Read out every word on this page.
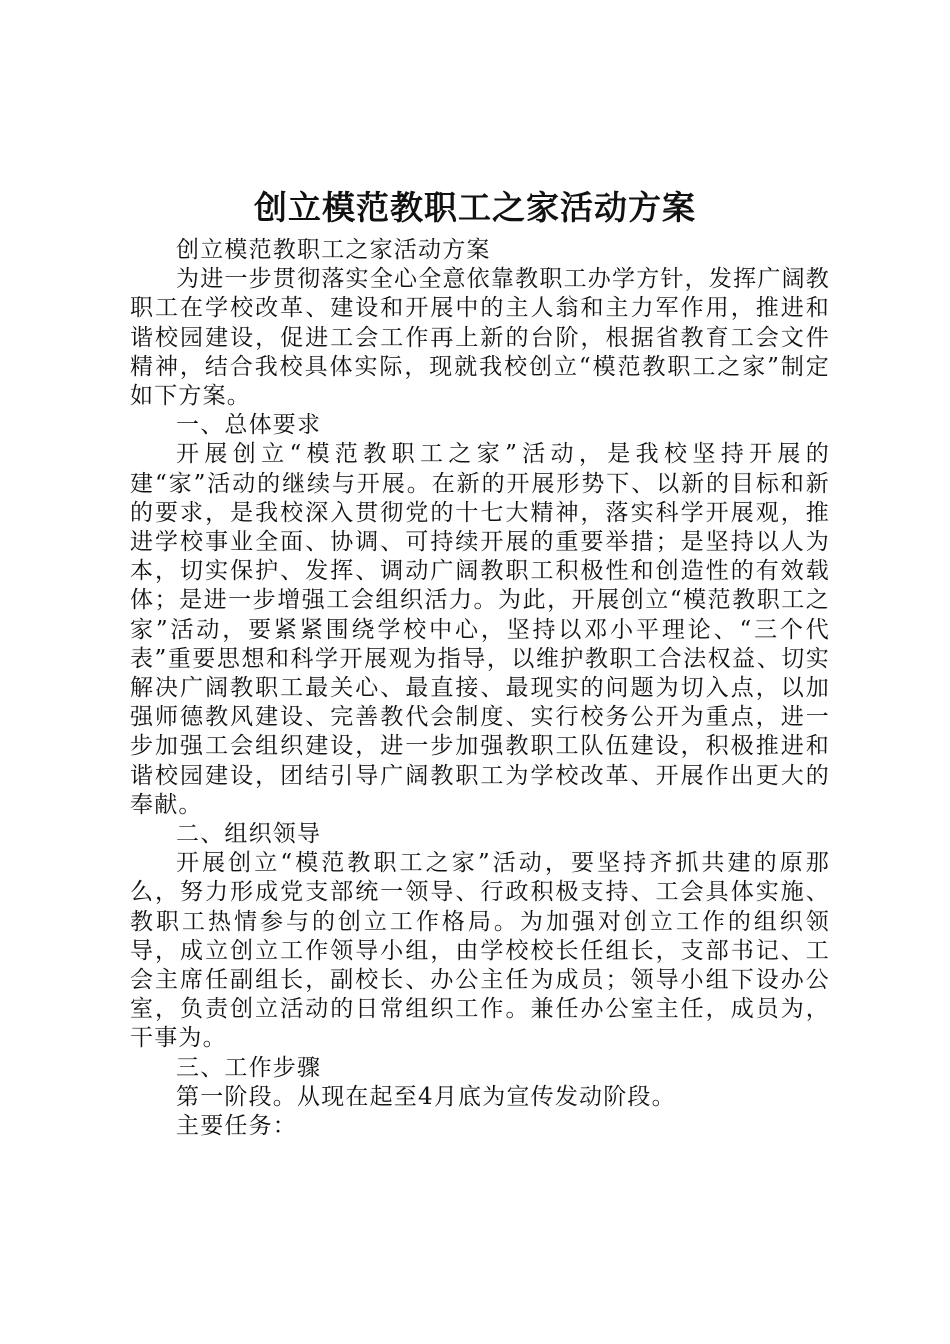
创立模范教职工之家活动方案

创立模范教职工之家活动方案

为进一步贯彻落实全心全意依靠教职工办学方针，发挥广阔教职工在学校改革、建设和开展中的主人翁和主力军作用，推进和谐校园建设，促进工会工作再上新的台阶，根据省教育工会文件精神，结合我校具体实际，现就我校创立“模范教职工之家”制定如下方案。

一、总体要求

开展创立“模范教职工之家”活动，是我校坚持开展的建“家”活动的继续与开展。在新的开展形势下、以新的目标和新的要求，是我校深入贯彻党的十七大精神，落实科学开展观，推进学校事业全面、协调、可持续开展的重要举措；是坚持以人为本，切实保护、发挥、调动广阔教职工积极性和创造性的有效载体；是进一步增强工会组织活力。为此，开展创立“模范教职工之家”活动，要紧紧围绕学校中心，坚持以邓小平理论、“三个代表”重要思想和科学开展观为指导，以维护教职工合法权益、切实解决广阔教职工最关心、最直接、最现实的问题为切入点，以加强师德教风建设、完善教代会制度、实行校务公开为重点，进一步加强工会组织建设，进一步加强教职工队伍建设，积极推进和谐校园建设，团结引导广阔教职工为学校改革、开展作出更大的奉献。

二、组织领导

开展创立“模范教职工之家”活动，要坚持齐抓共建的原那么，努力形成党支部统一领导、行政积极支持、工会具体实施、教职工热情参与的创立工作格局。为加强对创立工作的组织领导，成立创立工作领导小组，由学校校长任组长，支部书记、工会主席任副组长，副校长、办公主任为成员；领导小组下设办公室，负责创立活动的日常组织工作。兼任办公室主任，成员为，干事为。

三、工作步骤

第一阶段。从现在起至4月底为宣传发动阶段。

主要任务：
